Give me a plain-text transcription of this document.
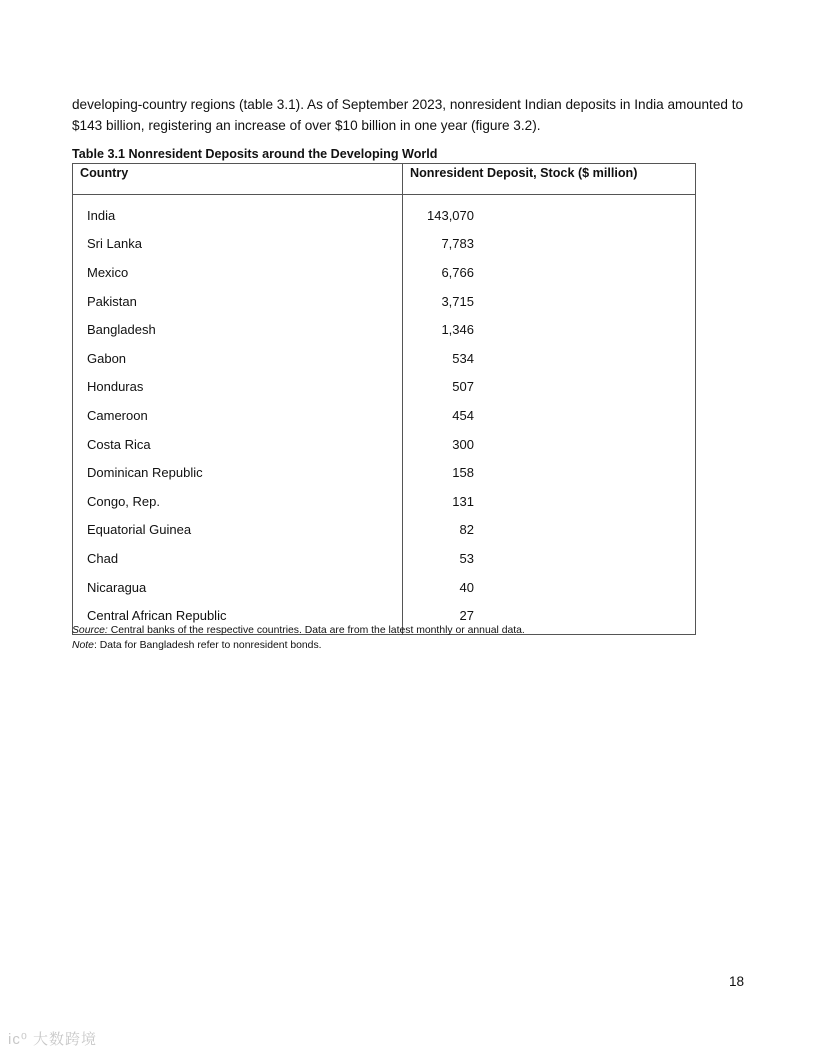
developing-country regions (table 3.1). As of September 2023, nonresident Indian deposits in India amounted to $143 billion, registering an increase of over $10 billion in one year (figure 3.2).

Table 3.1 Nonresident Deposits around the Developing World

Country	Nonresident Deposit, Stock ($ million)
India	143,070
Sri Lanka	7,783
Mexico	6,766
Pakistan	3,715
Bangladesh	1,346
Gabon	534
Honduras	507
Cameroon	454
Costa Rica	300
Dominican Republic	158
Congo, Rep.	131
Equatorial Guinea	82
Chad	53
Nicaragua	40
Central African Republic	27
Source: Central banks of the respective countries. Data are from the latest monthly or annual data.
Note: Data for Bangladesh refer to nonresident bonds.
18
ic⁰ 大数跨境
